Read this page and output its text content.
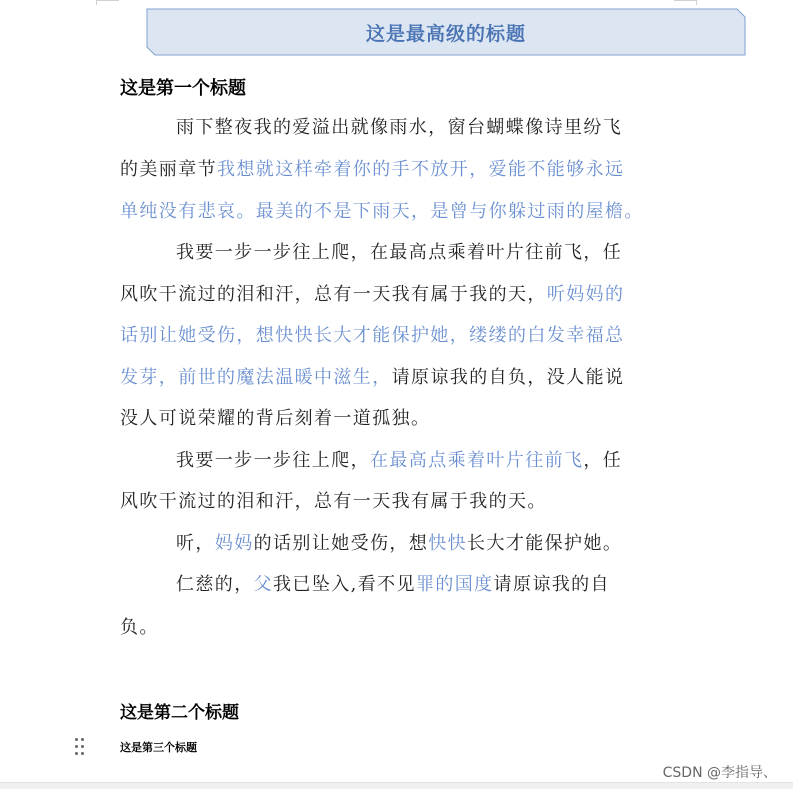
这是最高级的标题
这是第一个标题
雨下整夜我的爱溢出就像雨水，窗台蝴蝶像诗里纷飞
的美丽章节我想就这样牵着你的手不放开，爱能不能够永远
单纯没有悲哀。最美的不是下雨天，是曾与你躲过雨的屋檐。
我要一步一步往上爬，在最高点乘着叶片往前飞，任
风吹干流过的泪和汗，总有一天我有属于我的天，听妈妈的
话别让她受伤，想快快长大才能保护她，缕缕的白发幸福总
发芽，前世的魔法温暖中滋生，请原谅我的自负，没人能说
没人可说荣耀的背后刻着一道孤独。
我要一步一步往上爬，在最高点乘着叶片往前飞，任
风吹干流过的泪和汗，总有一天我有属于我的天。
听，妈妈的话别让她受伤，想快快长大才能保护她。
仁慈的，父我已坠入,看不见罪的国度请原谅我的自
负。
这是第二个标题
这是第三个标题
CSDN @李指导、
